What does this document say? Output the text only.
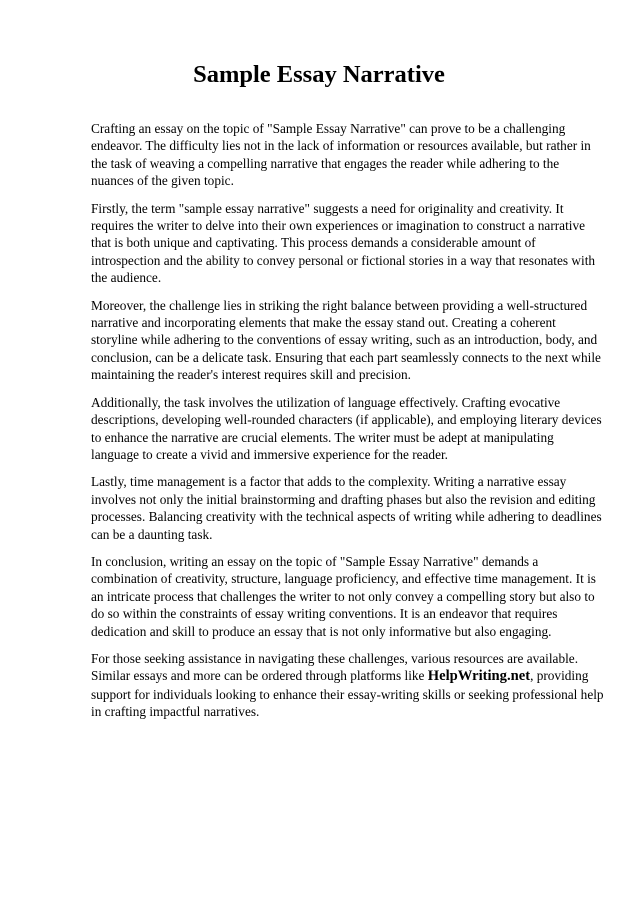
Sample Essay Narrative

Crafting an essay on the topic of "Sample Essay Narrative" can prove to be a challenging endeavor. The difficulty lies not in the lack of information or resources available, but rather in the task of weaving a compelling narrative that engages the reader while adhering to the nuances of the given topic.

Firstly, the term "sample essay narrative" suggests a need for originality and creativity. It requires the writer to delve into their own experiences or imagination to construct a narrative that is both unique and captivating. This process demands a considerable amount of introspection and the ability to convey personal or fictional stories in a way that resonates with the audience.

Moreover, the challenge lies in striking the right balance between providing a well-structured narrative and incorporating elements that make the essay stand out. Creating a coherent storyline while adhering to the conventions of essay writing, such as an introduction, body, and conclusion, can be a delicate task. Ensuring that each part seamlessly connects to the next while maintaining the reader's interest requires skill and precision.

Additionally, the task involves the utilization of language effectively. Crafting evocative descriptions, developing well-rounded characters (if applicable), and employing literary devices to enhance the narrative are crucial elements. The writer must be adept at manipulating language to create a vivid and immersive experience for the reader.

Lastly, time management is a factor that adds to the complexity. Writing a narrative essay involves not only the initial brainstorming and drafting phases but also the revision and editing processes. Balancing creativity with the technical aspects of writing while adhering to deadlines can be a daunting task.

In conclusion, writing an essay on the topic of "Sample Essay Narrative" demands a combination of creativity, structure, language proficiency, and effective time management. It is an intricate process that challenges the writer to not only convey a compelling story but also to do so within the constraints of essay writing conventions. It is an endeavor that requires dedication and skill to produce an essay that is not only informative but also engaging.

For those seeking assistance in navigating these challenges, various resources are available. Similar essays and more can be ordered through platforms like HelpWriting.net, providing support for individuals looking to enhance their essay-writing skills or seeking professional help in crafting impactful narratives.
